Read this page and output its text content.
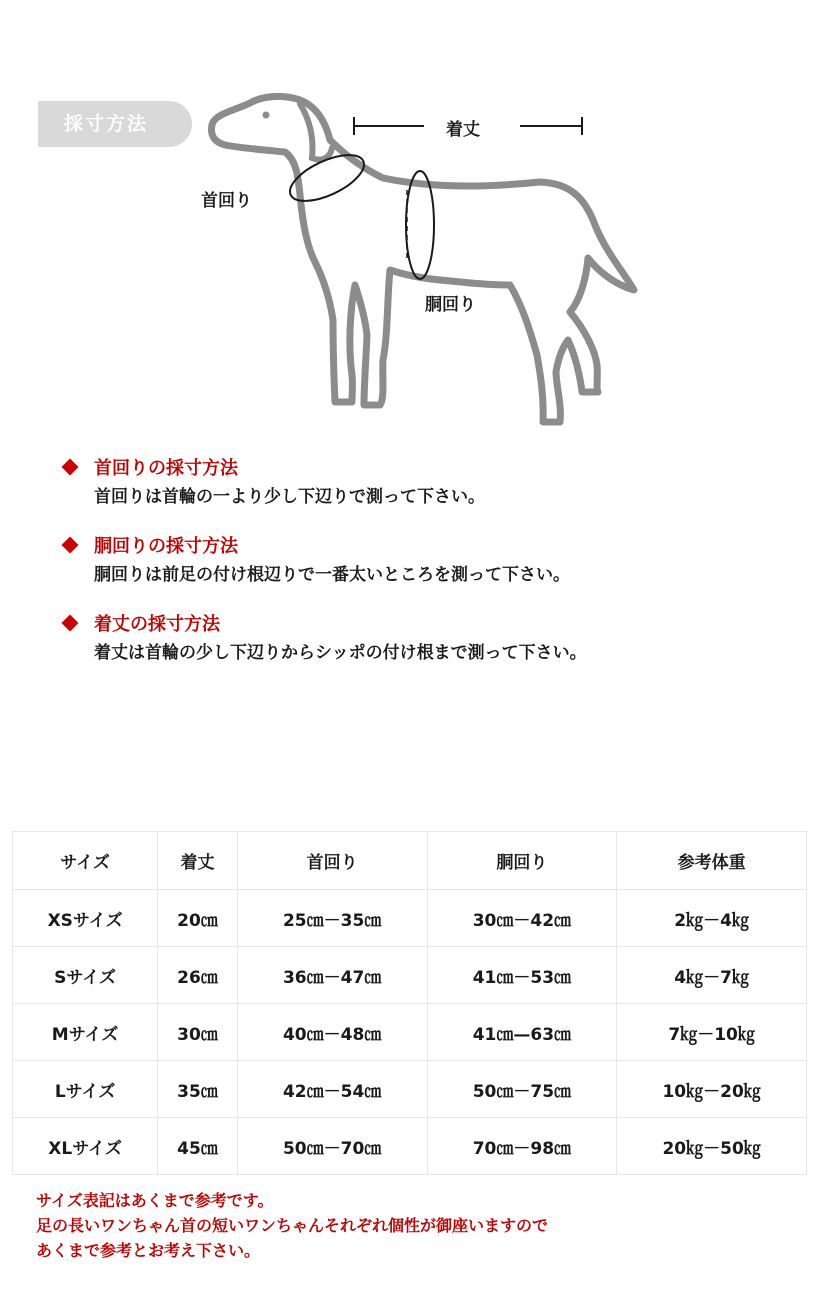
採寸方法	着丈
首回り
胴回り
首回りの採寸方法
首回りは首輪の一より少し下辺りで測って下さい。
胴回りの採寸方法
胴回りは前足の付け根辺りで一番太いところを測って下さい。
着丈の採寸方法
着丈は首輪の少し下辺りからシッポの付け根まで測って下さい。
サイズ	着丈	首回り	胴回り	参考体重
XSサイズ	20㎝	25㎝－35㎝	30㎝－42㎝	2㎏－4㎏
Sサイズ	26㎝	36㎝－47㎝	41㎝－53㎝	4㎏－7㎏
Mサイズ	30㎝	40㎝－48㎝	41㎝—63㎝	7㎏－10㎏
Lサイズ	35㎝	42㎝－54㎝	50㎝－75㎝	10㎏－20㎏
XLサイズ	45㎝	50㎝－70㎝	70㎝－98㎝	20㎏－50㎏
サイズ表記はあくまで参考です。
足の長いワンちゃん首の短いワンちゃんそれぞれ個性が御座いますので
あくまで参考とお考え下さい。
